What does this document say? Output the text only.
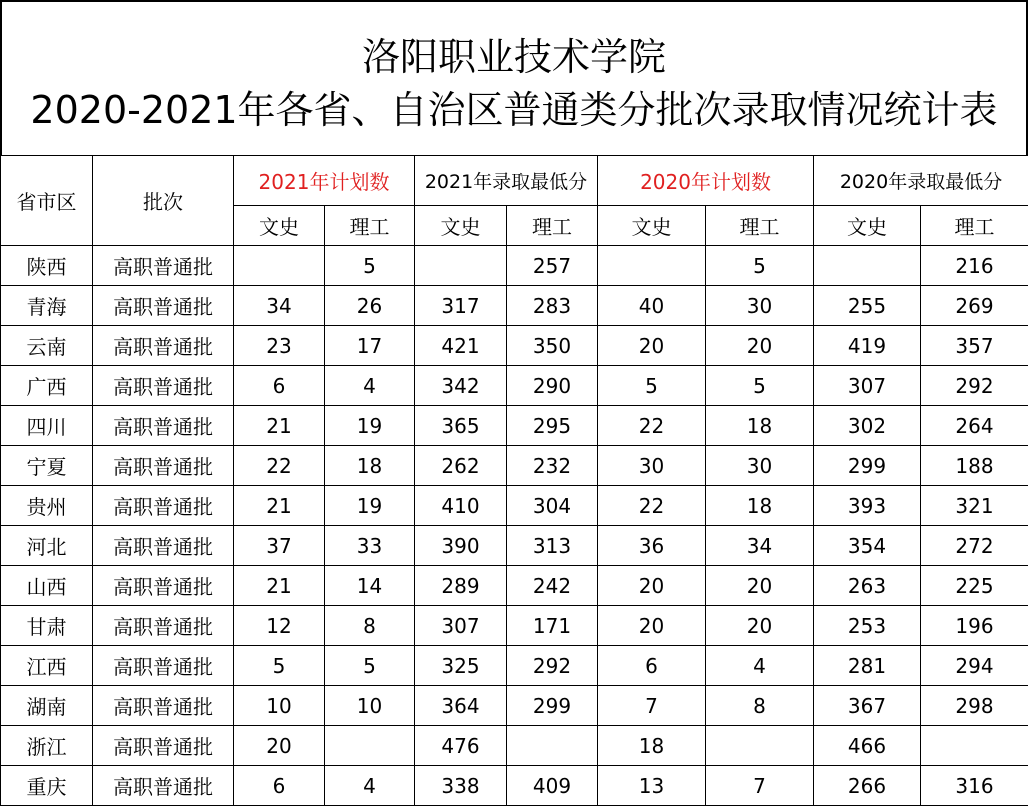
洛阳职业技术学院
2020-2021年各省、自治区普通类分批次录取情况统计表
省市区	批次	2021年计划数		2021年录取最低分		2020年计划数		2020年录取最低分	
		文史	理工	文史	理工	文史	理工	文史	理工
陕西	高职普通批		5		257		5		216
青海	高职普通批	34	26	317	283	40	30	255	269
云南	高职普通批	23	17	421	350	20	20	419	357
广西	高职普通批	6	4	342	290	5	5	307	292
四川	高职普通批	21	19	365	295	22	18	302	264
宁夏	高职普通批	22	18	262	232	30	30	299	188
贵州	高职普通批	21	19	410	304	22	18	393	321
河北	高职普通批	37	33	390	313	36	34	354	272
山西	高职普通批	21	14	289	242	20	20	263	225
甘肃	高职普通批	12	8	307	171	20	20	253	196
江西	高职普通批	5	5	325	292	6	4	281	294
湖南	高职普通批	10	10	364	299	7	8	367	298
浙江	高职普通批	20		476		18		466	
重庆	高职普通批	6	4	338	409	13	7	266	316
